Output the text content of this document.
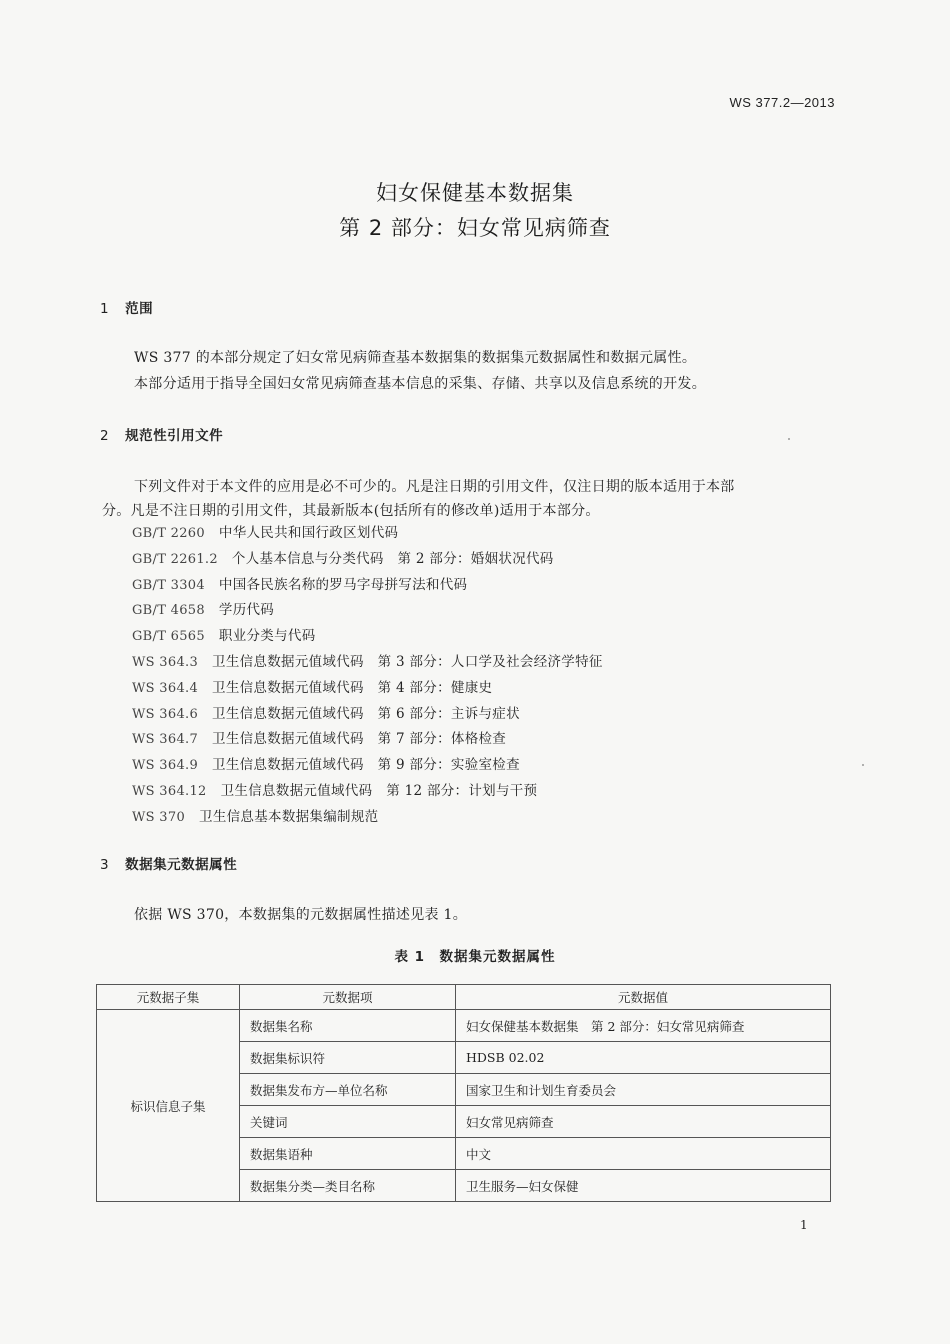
WS 377.2—2013
妇女保健基本数据集
第 2 部分：妇女常见病筛查
1 范围
WS 377 的本部分规定了妇女常见病筛查基本数据集的数据集元数据属性和数据元属性。
本部分适用于指导全国妇女常见病筛查基本信息的采集、存储、共享以及信息系统的开发。
2 规范性引用文件
下列文件对于本文件的应用是必不可少的。凡是注日期的引用文件，仅注日期的版本适用于本部
分。凡是不注日期的引用文件，其最新版本(包括所有的修改单)适用于本部分。
GB/T 2260 中华人民共和国行政区划代码
GB/T 2261.2 个人基本信息与分类代码　第 2 部分：婚姻状况代码
GB/T 3304 中国各民族名称的罗马字母拼写法和代码
GB/T 4658 学历代码
GB/T 6565 职业分类与代码
WS 364.3 卫生信息数据元值域代码　第 3 部分：人口学及社会经济学特征
WS 364.4 卫生信息数据元值域代码　第 4 部分：健康史
WS 364.6 卫生信息数据元值域代码　第 6 部分：主诉与症状
WS 364.7 卫生信息数据元值域代码　第 7 部分：体格检查
WS 364.9 卫生信息数据元值域代码　第 9 部分：实验室检查
WS 364.12 卫生信息数据元值域代码　第 12 部分：计划与干预
WS 370 卫生信息基本数据集编制规范
3 数据集元数据属性
依据 WS 370，本数据集的元数据属性描述见表 1。
表 1　数据集元数据属性
元数据子集	元数据项	元数据值
标识信息子集	数据集名称	妇女保健基本数据集　第 2 部分：妇女常见病筛查
	数据集标识符	HDSB 02.02
	数据集发布方—单位名称	国家卫生和计划生育委员会
	关键词	妇女常见病筛查
	数据集语种	中文
	数据集分类—类目名称	卫生服务—妇女保健
1
